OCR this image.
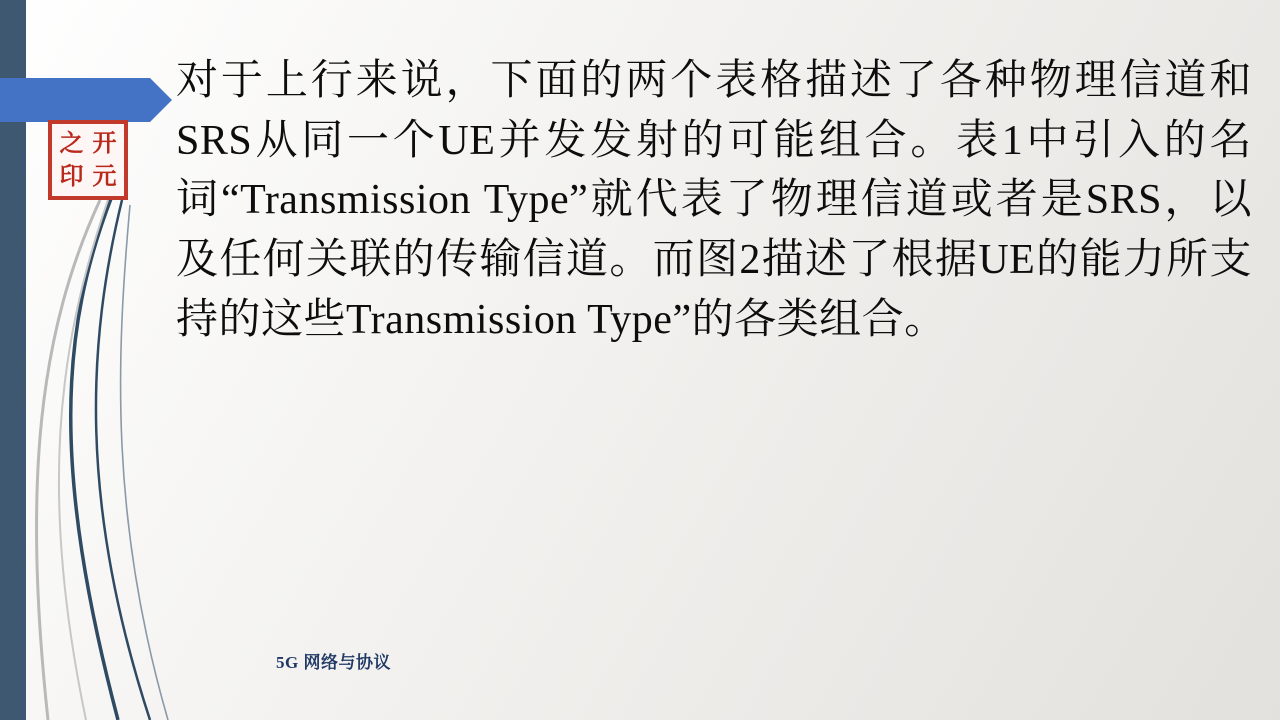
之 开
印 元
对于上行来说，下面的两个表格描述了各种物理信道和SRS从同一个UE并发发射的可能组合。表1中引入的名词“Transmission Type”就代表了物理信道或者是SRS，以及任何关联的传输信道。而图2描述了根据UE的能力所支持的这些Transmission Type”的各类组合。
5G 网络与协议
